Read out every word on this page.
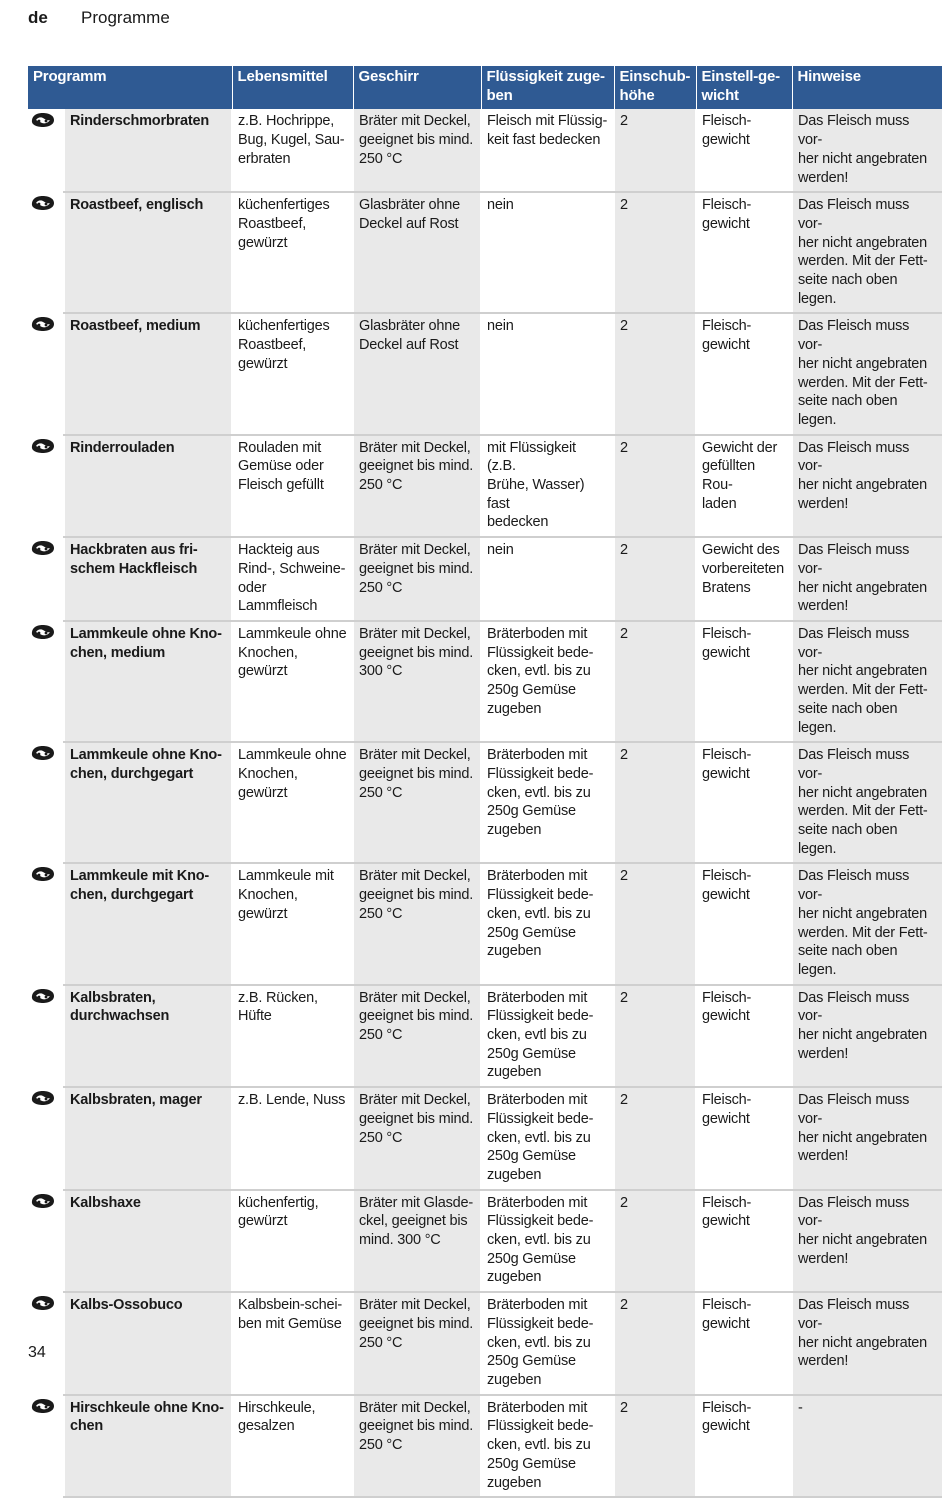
de Programme
Programm		Lebensmittel	Geschirr	Flüssigkeit zuge-
ben	Einschub-
höhe	Einstell-ge-
wicht	Hinweise

	Rinderschmorbraten	z.B. Hochrippe,
Bug, Kugel, Sau-
erbraten	Bräter mit Deckel,
geeignet bis mind.
250 °C	Fleisch mit Flüssig-
keit fast bedecken	2	Fleisch-
gewicht	Das Fleisch muss vor-
her nicht angebraten
werden!

	Roastbeef, englisch	küchenfertiges
Roastbeef,
gewürzt	Glasbräter ohne
Deckel auf Rost	nein	2	Fleisch-
gewicht	Das Fleisch muss vor-
her nicht angebraten
werden. Mit der Fett-
seite nach oben legen.

	Roastbeef, medium	küchenfertiges
Roastbeef,
gewürzt	Glasbräter ohne
Deckel auf Rost	nein	2	Fleisch-
gewicht	Das Fleisch muss vor-
her nicht angebraten
werden. Mit der Fett-
seite nach oben legen.

	Rinderrouladen	Rouladen mit
Gemüse oder
Fleisch gefüllt	Bräter mit Deckel,
geeignet bis mind.
250 °C	mit Flüssigkeit (z.B.
Brühe, Wasser) fast
bedecken	2	Gewicht der
gefüllten Rou-
laden	Das Fleisch muss vor-
her nicht angebraten
werden!

	Hackbraten aus fri-
schem Hackfleisch	Hackteig aus
Rind-, Schweine-
oder Lammfleisch	Bräter mit Deckel,
geeignet bis mind.
250 °C	nein	2	Gewicht des
vorbereiteten
Bratens	Das Fleisch muss vor-
her nicht angebraten
werden!

	Lammkeule ohne Kno-
chen, medium	Lammkeule ohne
Knochen, gewürzt	Bräter mit Deckel,
geeignet bis mind.
300 °C	Bräterboden mit
Flüssigkeit bede-
cken, evtl. bis zu
250g Gemüse
zugeben	2	Fleisch-
gewicht	Das Fleisch muss vor-
her nicht angebraten
werden. Mit der Fett-
seite nach oben legen.

	Lammkeule ohne Kno-
chen, durchgegart	Lammkeule ohne
Knochen, gewürzt	Bräter mit Deckel,
geeignet bis mind.
250 °C	Bräterboden mit
Flüssigkeit bede-
cken, evtl. bis zu
250g Gemüse
zugeben	2	Fleisch-
gewicht	Das Fleisch muss vor-
her nicht angebraten
werden. Mit der Fett-
seite nach oben legen.

	Lammkeule mit Kno-
chen, durchgegart	Lammkeule mit
Knochen, gewürzt	Bräter mit Deckel,
geeignet bis mind.
250 °C	Bräterboden mit
Flüssigkeit bede-
cken, evtl. bis zu
250g Gemüse
zugeben	2	Fleisch-
gewicht	Das Fleisch muss vor-
her nicht angebraten
werden. Mit der Fett-
seite nach oben legen.

	Kalbsbraten,
durchwachsen	z.B. Rücken,
Hüfte	Bräter mit Deckel,
geeignet bis mind.
250 °C	Bräterboden mit
Flüssigkeit bede-
cken, evtl bis zu
250g Gemüse
zugeben	2	Fleisch-
gewicht	Das Fleisch muss vor-
her nicht angebraten
werden!

	Kalbsbraten, mager	z.B. Lende, Nuss	Bräter mit Deckel,
geeignet bis mind.
250 °C	Bräterboden mit
Flüssigkeit bede-
cken, evtl. bis zu
250g Gemüse
zugeben	2	Fleisch-
gewicht	Das Fleisch muss vor-
her nicht angebraten
werden!

	Kalbshaxe	küchenfertig,
gewürzt	Bräter mit Glasde-
ckel, geeignet bis
mind. 300 °C	Bräterboden mit
Flüssigkeit bede-
cken, evtl. bis zu
250g Gemüse
zugeben	2	Fleisch-
gewicht	Das Fleisch muss vor-
her nicht angebraten
werden!

	Kalbs-Ossobuco	Kalbsbein-schei-
ben mit Gemüse	Bräter mit Deckel,
geeignet bis mind.
250 °C	Bräterboden mit
Flüssigkeit bede-
cken, evtl. bis zu
250g Gemüse
zugeben	2	Fleisch-
gewicht	Das Fleisch muss vor-
her nicht angebraten
werden!

	Hirschkeule ohne Kno-
chen	Hirschkeule,
gesalzen	Bräter mit Deckel,
geeignet bis mind.
250 °C	Bräterboden mit
Flüssigkeit bede-
cken, evtl. bis zu
250g Gemüse
zugeben	2	Fleisch-
gewicht	-
34
